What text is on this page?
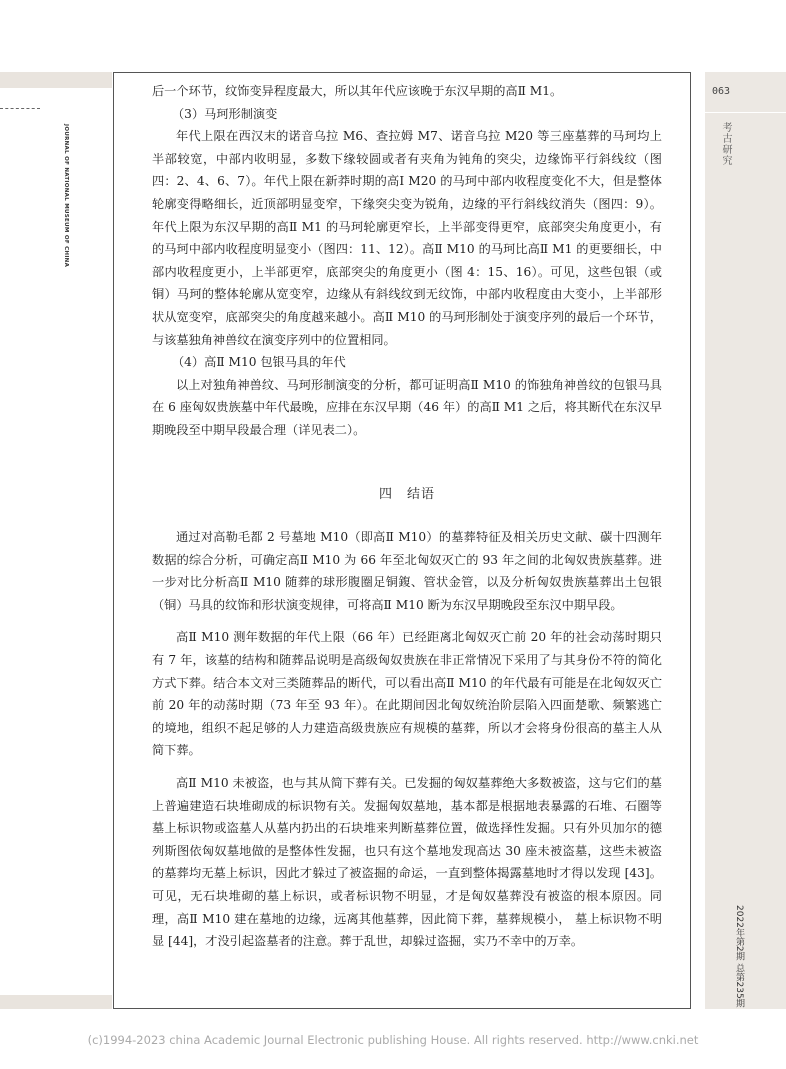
JOURNAL OF NATIONAL MUSEUM OF CHINA
063
考古研究
2022年第2期 总第235期

后一个环节，纹饰变异程度最大，所以其年代应该晚于东汉早期的高Ⅱ M1。

（3）马珂形制演变

年代上限在西汉末的诺音乌拉 M6、查拉姆 M7、诺音乌拉 M20 等三座墓葬的马珂均上半部较宽，中部内收明显，多数下缘较圆或者有夹角为钝角的突尖，边缘饰平行斜线纹（图四：2、4、6、7）。年代上限在新莽时期的高Ⅰ M20 的马珂中部内收程度变化不大，但是整体轮廓变得略细长，近顶部明显变窄，下缘突尖变为锐角，边缘的平行斜线纹消失（图四：9）。年代上限为东汉早期的高Ⅱ M1 的马珂轮廓更窄长，上半部变得更窄，底部突尖角度更小，有的马珂中部内收程度明显变小（图四：11、12）。高Ⅱ M10 的马珂比高Ⅱ M1 的更要细长，中部内收程度更小，上半部更窄，底部突尖的角度更小（图 4：15、16）。可见，这些包银（或铜）马珂的整体轮廓从宽变窄，边缘从有斜线纹到无纹饰，中部内收程度由大变小，上半部形状从宽变窄，底部突尖的角度越来越小。高Ⅱ M10 的马珂形制处于演变序列的最后一个环节，与该墓独角神兽纹在演变序列中的位置相同。

（4）高Ⅱ M10 包银马具的年代

以上对独角神兽纹、马珂形制演变的分析，都可证明高Ⅱ M10 的饰独角神兽纹的包银马具在 6 座匈奴贵族墓中年代最晚，应排在东汉早期（46 年）的高Ⅱ M1 之后，将其断代在东汉早期晚段至中期早段最合理（详见表二）。

四　结语

通过对高勒毛都 2 号墓地 M10（即高Ⅱ M10）的墓葬特征及相关历史文献、碳十四测年数据的综合分析，可确定高Ⅱ M10 为 66 年至北匈奴灭亡的 93 年之间的北匈奴贵族墓葬。进一步对比分析高Ⅱ M10 随葬的球形腹圈足铜鍑、管状金管，以及分析匈奴贵族墓葬出土包银（铜）马具的纹饰和形状演变规律，可将高Ⅱ M10 断为东汉早期晚段至东汉中期早段。

高Ⅱ M10 测年数据的年代上限（66 年）已经距离北匈奴灭亡前 20 年的社会动荡时期只有 7 年，该墓的结构和随葬品说明是高级匈奴贵族在非正常情况下采用了与其身份不符的简化方式下葬。结合本文对三类随葬品的断代，可以看出高Ⅱ M10 的年代最有可能是在北匈奴灭亡前 20 年的动荡时期（73 年至 93 年）。在此期间因北匈奴统治阶层陷入四面楚歌、频繁逃亡的境地，组织不起足够的人力建造高级贵族应有规模的墓葬，所以才会将身份很高的墓主人从简下葬。

高Ⅱ M10 未被盗，也与其从简下葬有关。已发掘的匈奴墓葬绝大多数被盗，这与它们的墓上普遍建造石块堆砌成的标识物有关。发掘匈奴墓地，基本都是根据地表暴露的石堆、石圈等墓上标识物或盗墓人从墓内扔出的石块堆来判断墓葬位置，做选择性发掘。只有外贝加尔的德列斯图依匈奴墓地做的是整体性发掘，也只有这个墓地发现高达 30 座未被盗墓，这些未被盗的墓葬均无墓上标识，因此才躲过了被盗掘的命运，一直到整体揭露墓地时才得以发现 [43]。可见，无石块堆砌的墓上标识，或者标识物不明显，才是匈奴墓葬没有被盗的根本原因。同理，高Ⅱ M10 建在墓地的边缘，远离其他墓葬，因此简下葬，墓葬规模小， 墓上标识物不明显 [44]，才没引起盗墓者的注意。葬于乱世，却躲过盗掘，实乃不幸中的万幸。

(c)1994-2023 china Academic Journal Electronic publishing House. All rights reserved. http://www.cnki.net
